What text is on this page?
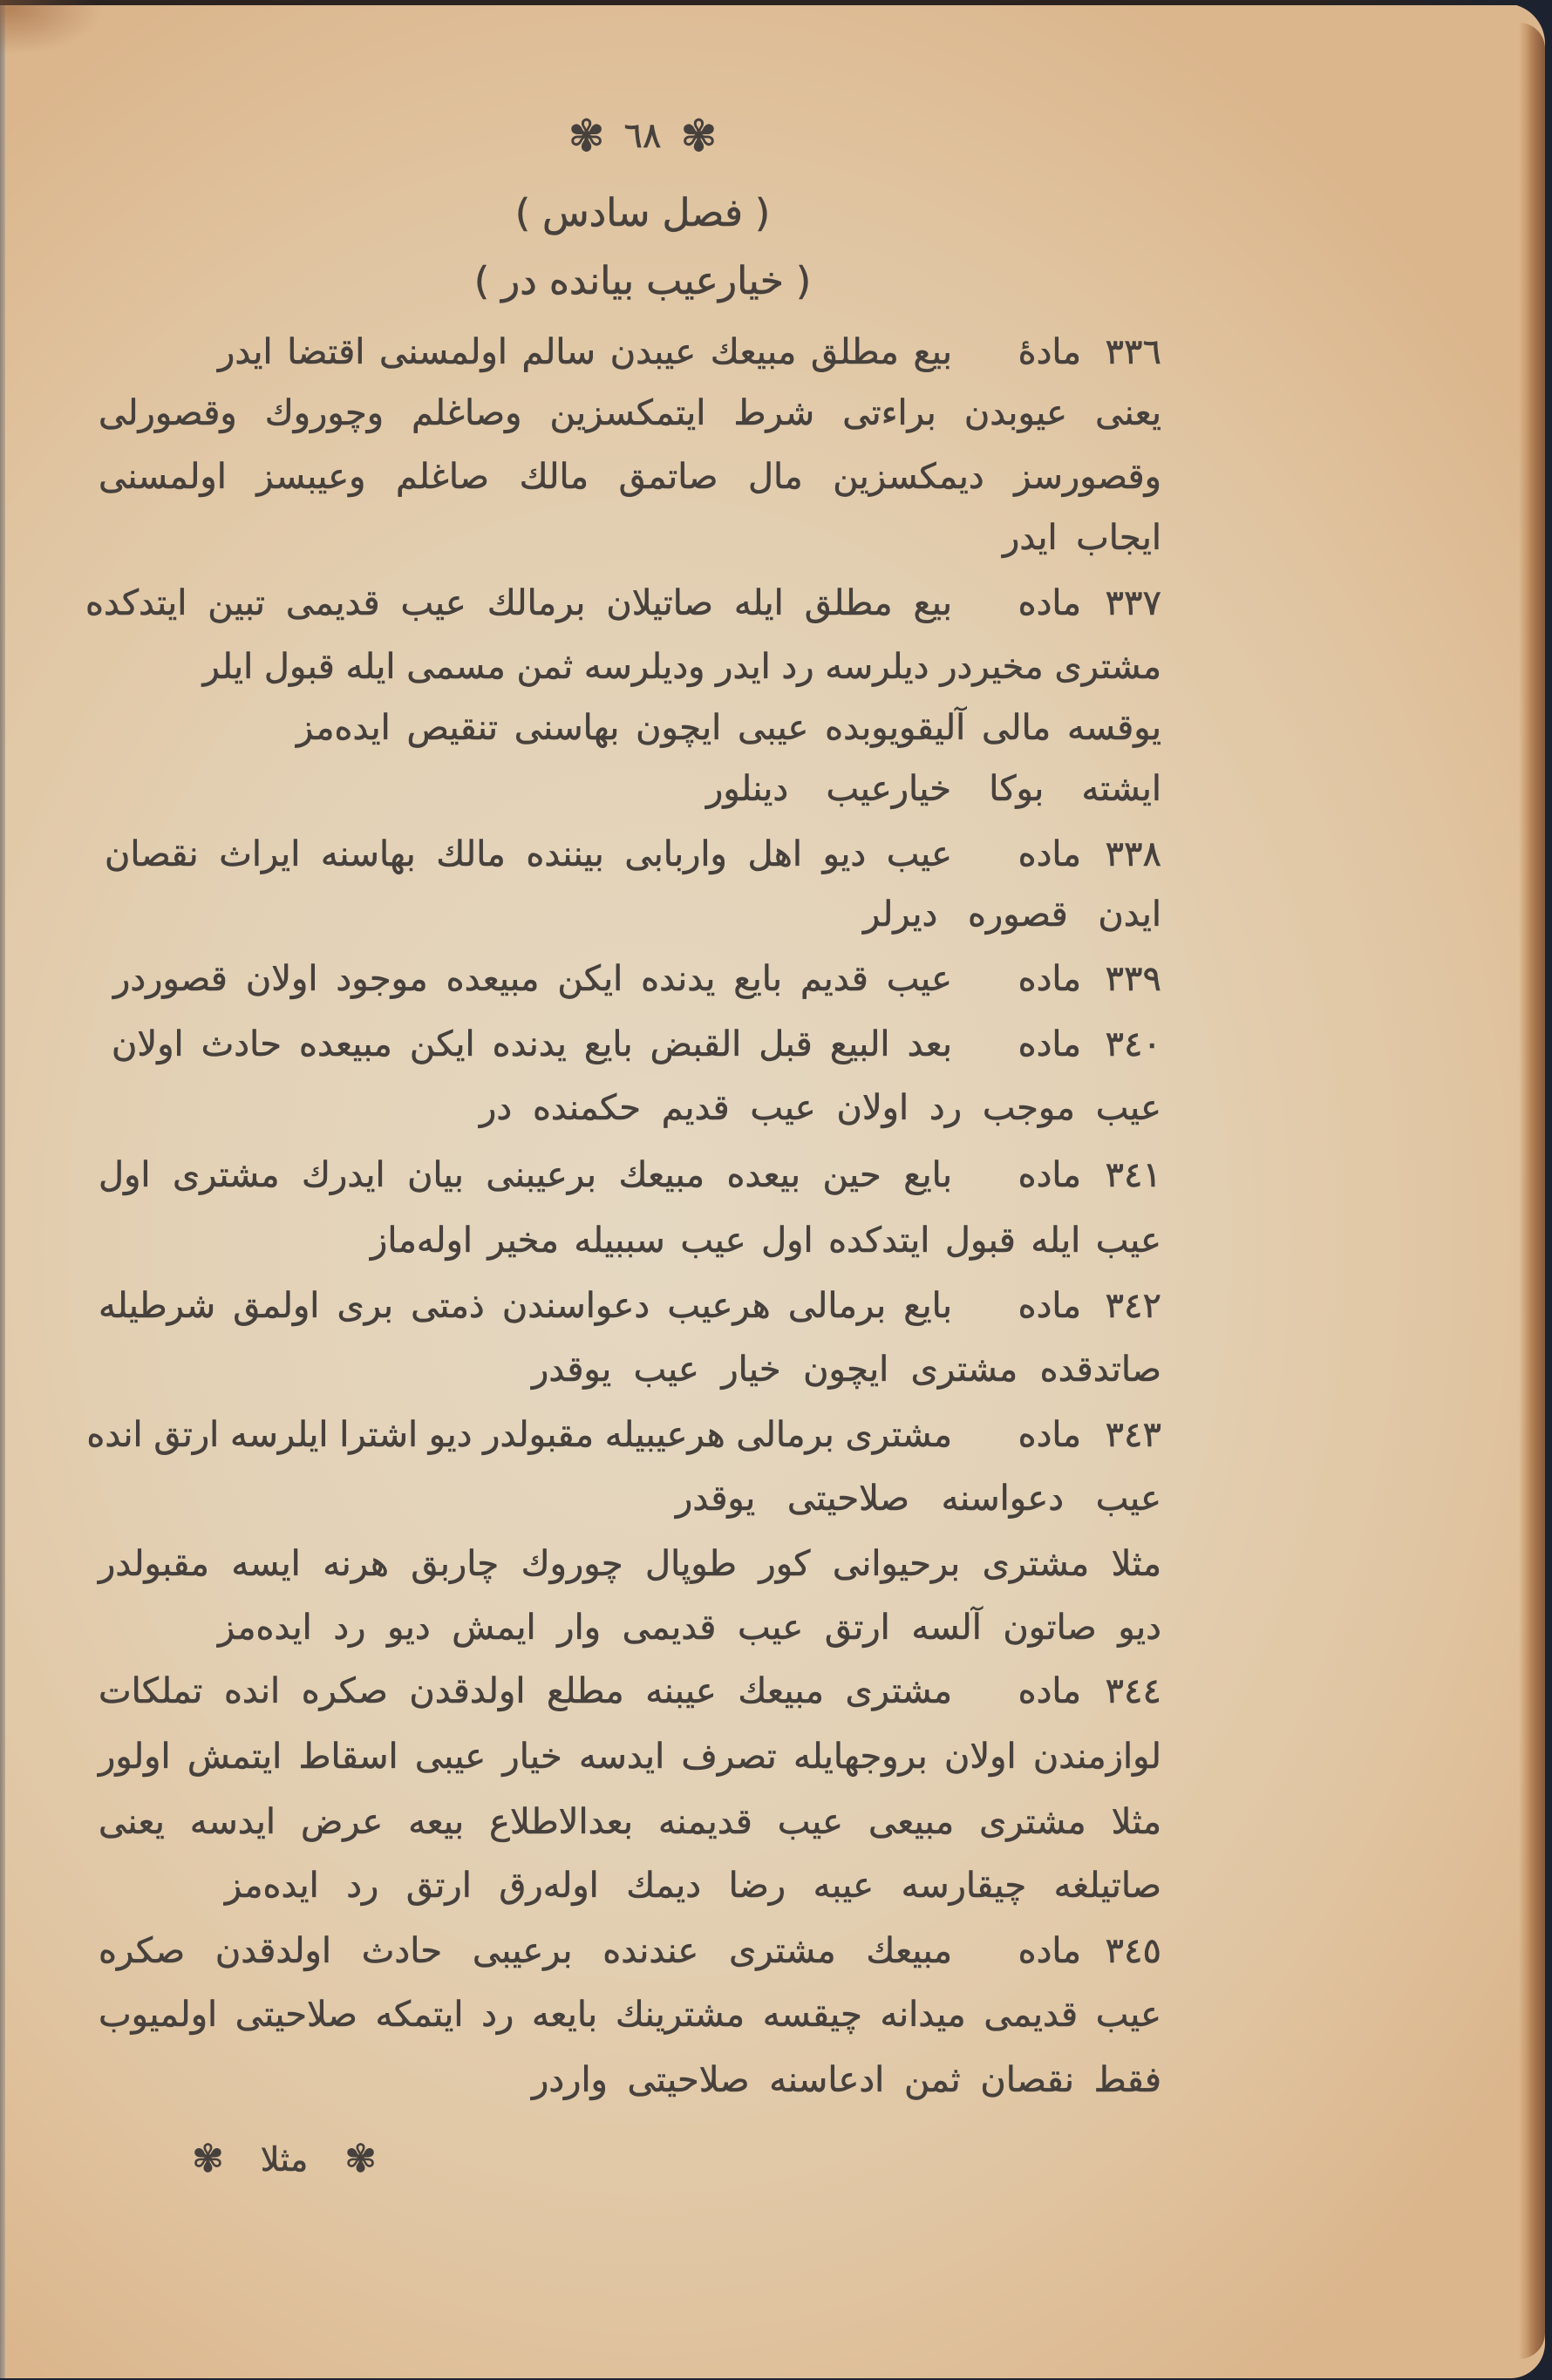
✾ ٦٨ ✾
( فصل سادس )
( خیارعیب بیانده در )
٣٣٦
مادهٔ
بیع مطلق مبیعك عیبدن سالم اولمسنی اقتضا ایدر
یعنی عیوبدن براءتی شرط ایتمکسزین وصاغلم وچوروك وقصورلی
وقصورسز دیمکسزین مال صاتمق مالك صاغلم وعیبسز اولمسنی
ایجاب ایدر
٣٣٧
ماده
بیع مطلق ایله صاتیلان برمالك عیب قدیمی تبین ایتدکده
مشتری مخیردر دیلرسه رد ایدر ودیلرسه ثمن مسمی ایله قبول ایلر
یوقسه مالی آلیقویوبده عیبی ایچون بهاسنی تنقیص ایده‌مز
ایشته بوکا خیارعیب دینلور
٣٣٨
ماده
عیب دیو اهل واربابی بیننده مالك بهاسنه ایراث نقصان
ایدن قصوره دیرلر
٣٣٩
ماده
عیب قدیم بایع یدنده ایکن مبیعده موجود اولان قصوردر
٣٤٠
ماده
بعد البیع قبل القبض بایع یدنده ایکن مبیعده حادث اولان
عیب موجب رد اولان عیب قدیم حکمنده در
٣٤١
ماده
بایع حین بیعده مبیعك برعیبنی بیان ایدرك مشتری اول
عیب ایله قبول ایتدکده اول عیب سببیله مخیر اوله‌ماز
٣٤٢
ماده
بایع برمالی هرعیب دعواسندن ذمتی بری اولمق شرطیله
صاتدقده مشتری ایچون خیار عیب یوقدر
٣٤٣
ماده
مشتری برمالی هرعیبیله مقبولدر دیو اشترا ایلرسه ارتق انده
عیب دعواسنه صلاحیتی یوقدر
مثلا مشتری برحیوانی کور طوپال چوروك چاربق هرنه ایسه مقبولدر
دیو صاتون آلسه ارتق عیب قدیمی وار ایمش دیو رد ایده‌مز
٣٤٤
ماده
مشتری مبیعك عیبنه مطلع اولدقدن صکره انده تملکات
لوازمندن اولان بروجهایله تصرف ایدسه خیار عیبی اسقاط ایتمش اولور
مثلا مشتری مبیعی عیب قدیمنه بعدالاطلاع بیعه عرض ایدسه یعنی
صاتیلغه چیقارسه عیبه رضا دیمك اوله‌رق ارتق رد ایده‌مز
٣٤٥
ماده
مبیعك مشتری عندنده برعیبی حادث اولدقدن صکره
عیب قدیمی میدانه چیقسه مشترینك بایعه رد ایتمکه صلاحیتی اولمیوب
فقط نقصان ثمن ادعاسنه صلاحیتی واردر
✾ مثلا ✾
